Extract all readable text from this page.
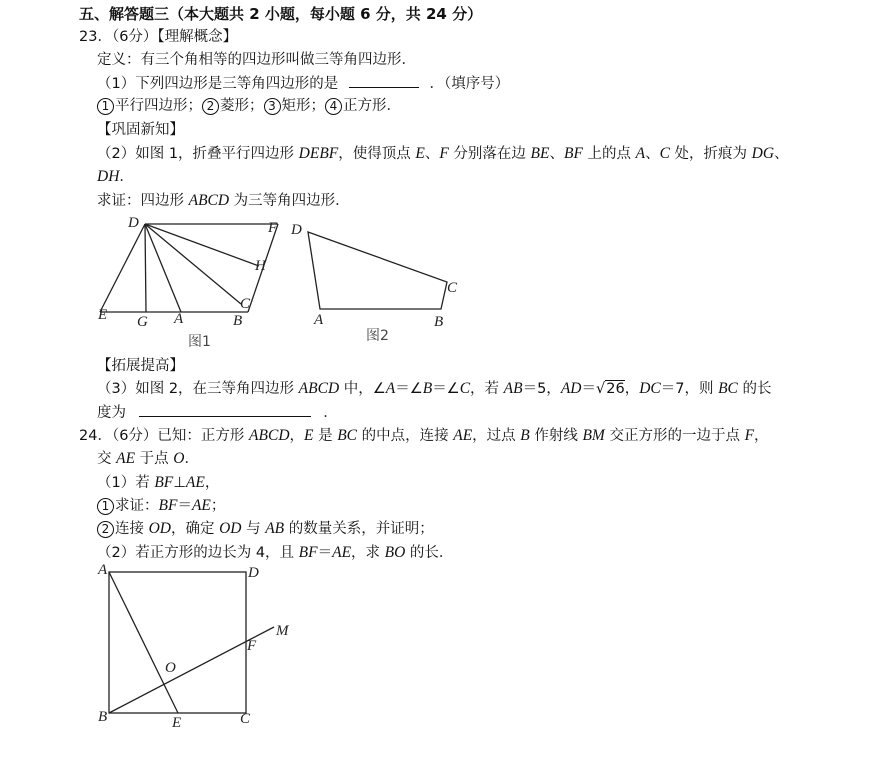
五、解答题三（本大题共 2 小题，每小题 6 分，共 24 分）
23．（6分）【理解概念】
定义：有三个角相等的四边形叫做三等角四边形．
（1）下列四边形是三等角四边形的是	．（填序号）
1 平行四边形； 2 菱形； 3 矩形； 4 正方形．
【巩固新知】
（2）如图 1，折叠平行四边形 DEBF，使得顶点 E、F 分别落在边 BE、BF 上的点 A、C 处，折痕为 DG、
DH．
求证：四边形 ABCD 为三等角四边形．
D	F
H
C
E G A	B
图1
D
C
A	B
图2
【拓展提高】
（3）如图 2，在三等角四边形 ABCD 中，∠A＝∠B＝∠C，若 AB＝5，AD＝√26，DC＝7，则 BC 的长
度为	．
24．（6分）已知：正方形 ABCD，E 是 BC 的中点，连接 AE，过点 B 作射线 BM 交正方形的一边于点 F，
交 AE 于点 O．
（1）若 BF⊥AE，
1 求证：BF＝AE；
2 连接 OD，确定 OD 与 AB 的数量关系，并证明；
（2）若正方形的边长为 4，且 BF＝AE，求 BO 的长．
A	D
M
F
O
B	E	C
